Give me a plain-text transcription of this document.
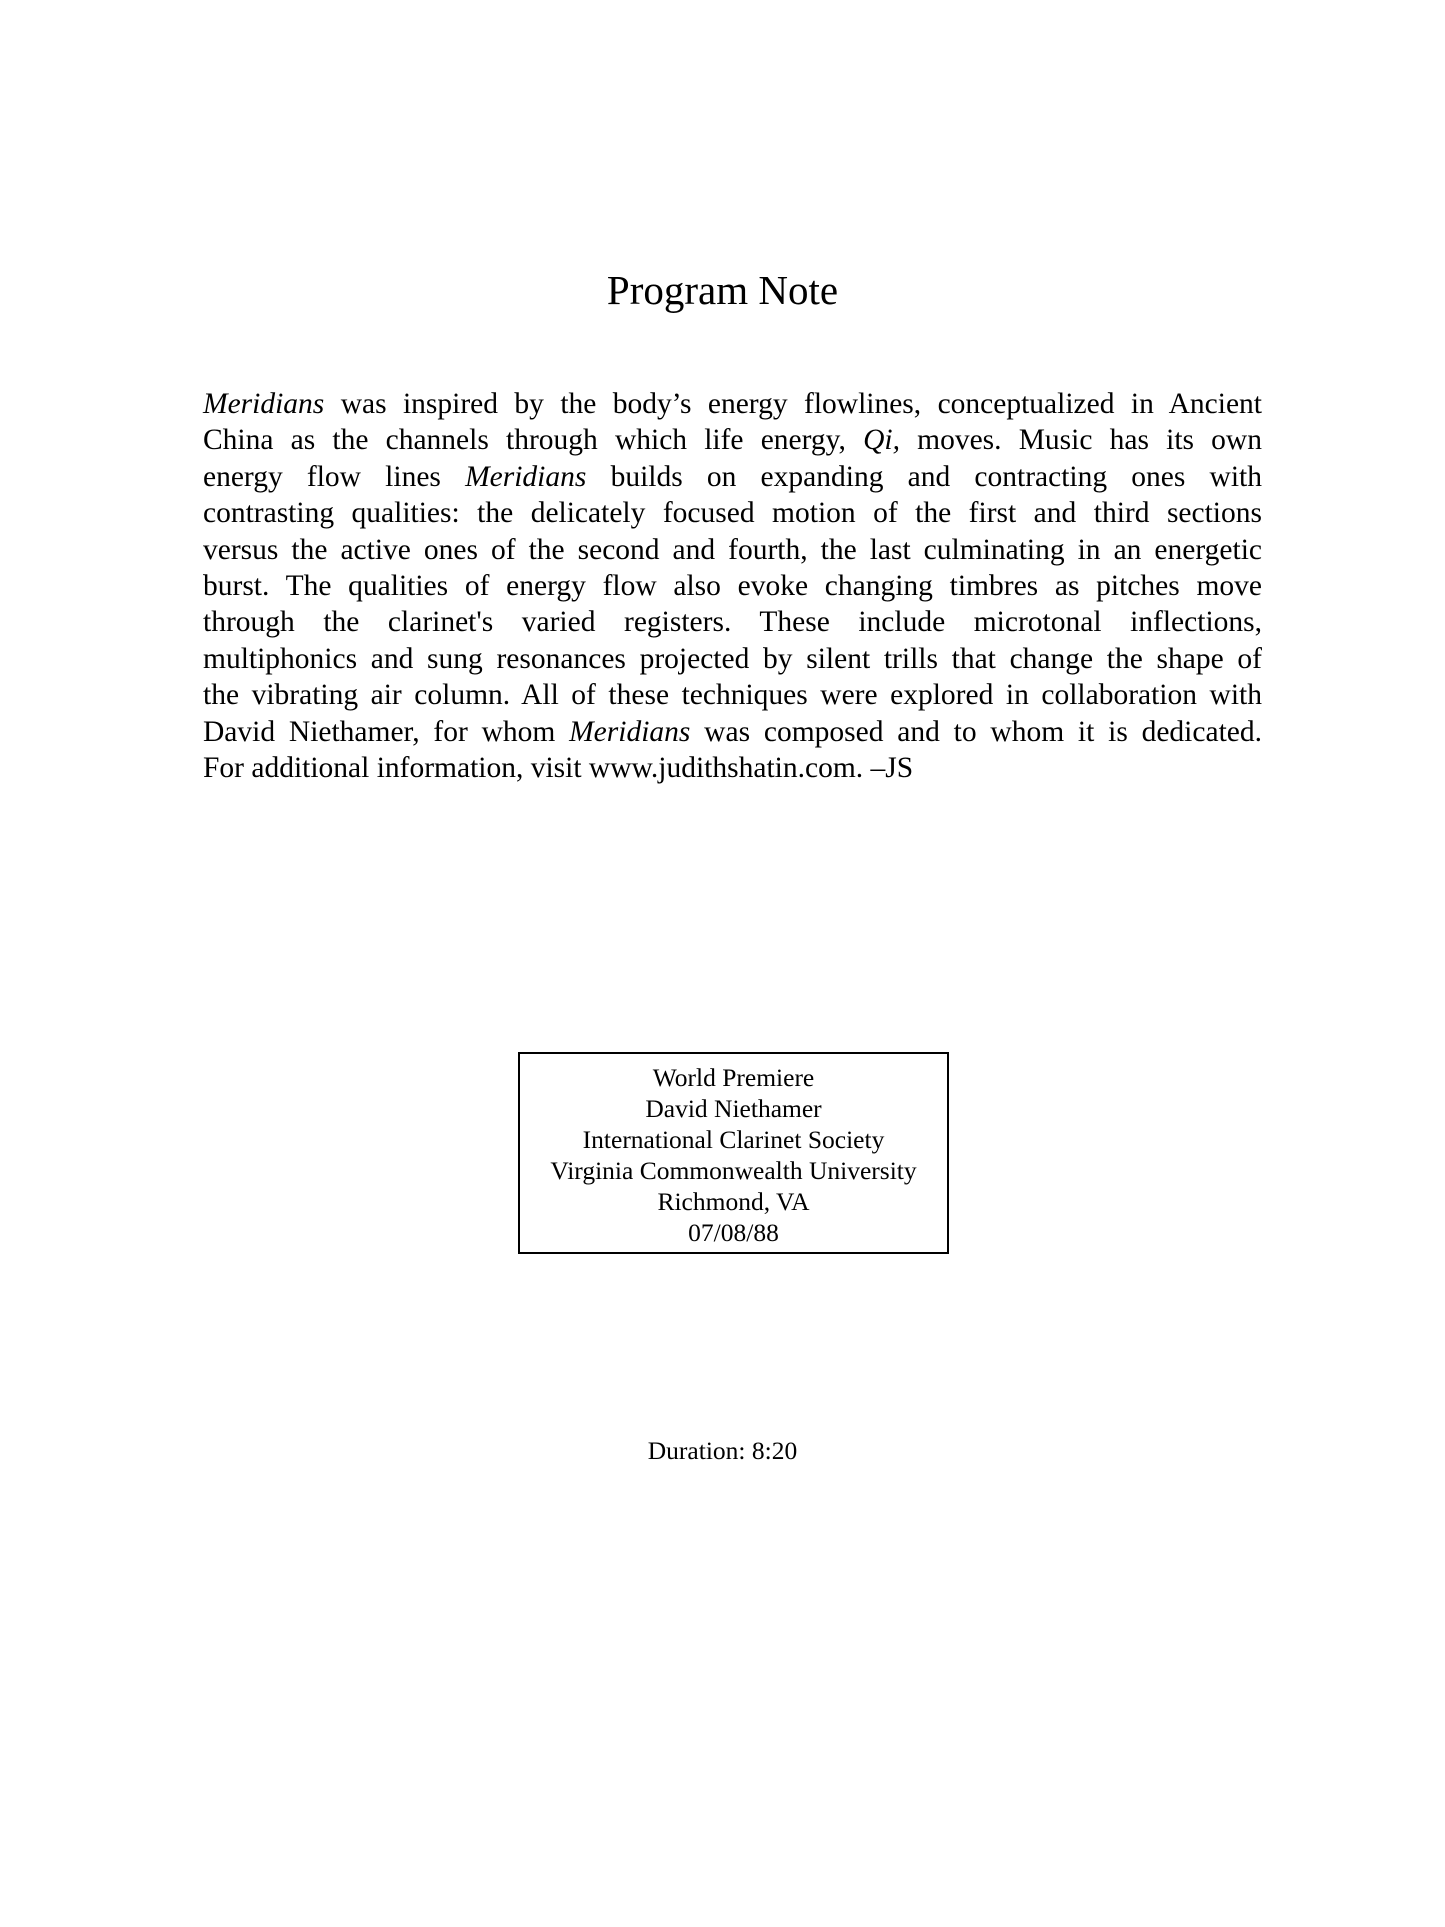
Program Note
Meridians was inspired by the body’s energy flowlines, conceptualized in Ancient
China as the channels through which life energy, Qi, moves. Music has its own
energy flow lines Meridians builds on expanding and contracting ones with
contrasting qualities: the delicately focused motion of the first and third sections
versus the active ones of the second and fourth, the last culminating in an energetic
burst. The qualities of energy flow also evoke changing timbres as pitches move
through the clarinet's varied registers. These include microtonal inflections,
multiphonics and sung resonances projected by silent trills that change the shape of
the vibrating air column. All of these techniques were explored in collaboration with
David Niethamer, for whom Meridians was composed and to whom it is dedicated.
For additional information, visit www.judithshatin.com. –JS
World Premiere
David Niethamer
International Clarinet Society
Virginia Commonwealth University
Richmond, VA
07/08/88
Duration: 8:20
